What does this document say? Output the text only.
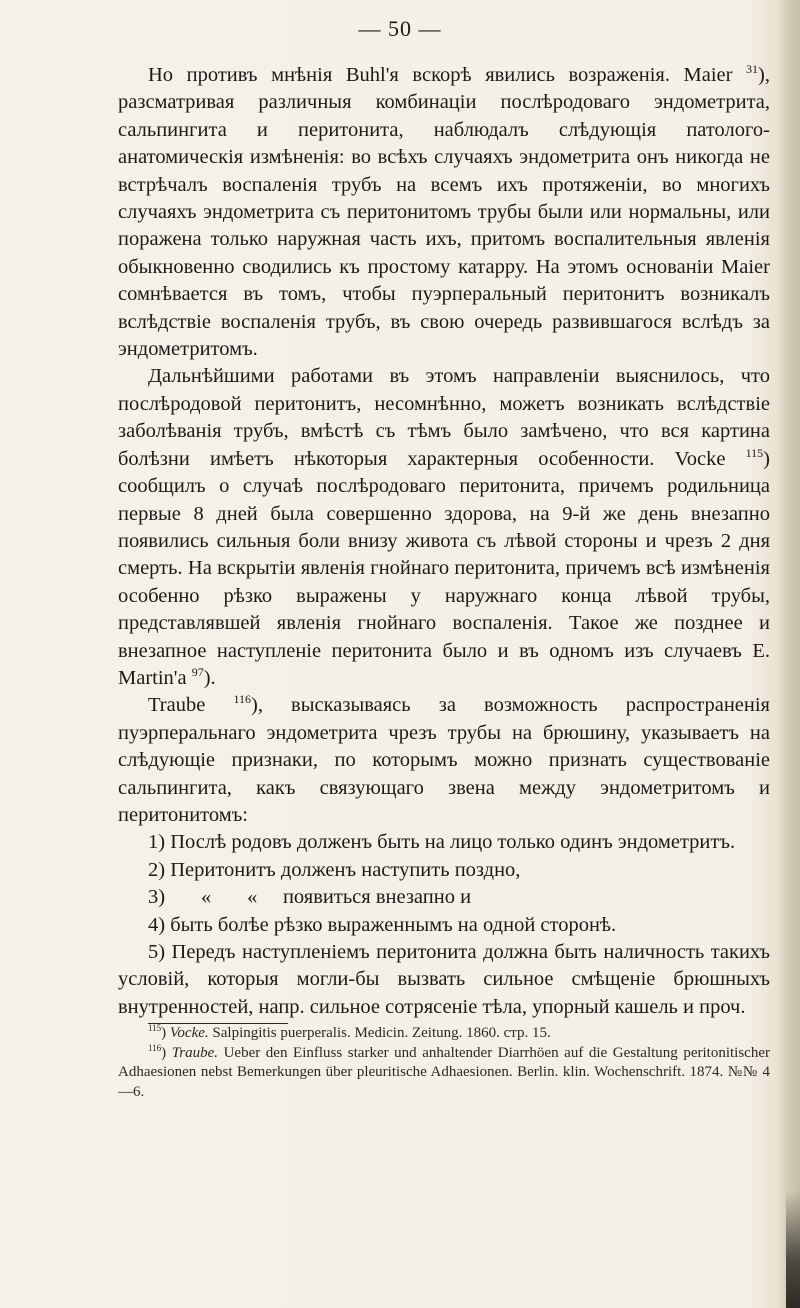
— 50 —

Но противъ мнѣнія Buhl'я вскорѣ явились возраженія. Maier $^{31}$), разсматривая различныя комбинаціи послѣродоваго эндометрита, сальпингита и перитонита, наблюдалъ слѣдующія патолого-анатомическія измѣненія: во всѣхъ случаяхъ эндометрита онъ никогда не встрѣчалъ воспаленія трубъ на всемъ ихъ протяженіи, во многихъ случаяхъ эндометрита съ перитонитомъ трубы были или нормальны, или поражена только наружная часть ихъ, притомъ воспалительныя явленія обыкновенно сводились къ простому катарру. На этомъ основаніи Maier сомнѣвается въ томъ, чтобы пуэрперальный перитонитъ возникалъ вслѣдствіе воспаленія трубъ, въ свою очередь развившагося вслѣдъ за эндометритомъ.

Дальнѣйшими работами въ этомъ направленіи выяснилось, что послѣродовой перитонитъ, несомнѣнно, можетъ возникать вслѣдствіе заболѣванія трубъ, вмѣстѣ съ тѣмъ было замѣчено, что вся картина болѣзни имѣетъ нѣкоторыя характерныя особенности. Vocke $^{115}$) сообщилъ о случаѣ послѣродоваго перитонита, причемъ родильница первые 8 дней была совершенно здорова, на 9-й же день внезапно появились сильныя боли внизу живота съ лѣвой стороны и чрезъ 2 дня смерть. На вскрытіи явленія гнойнаго перитонита, причемъ всѣ измѣненія особенно рѣзко выражены у наружнаго конца лѣвой трубы, представлявшей явленія гнойнаго воспаленія. Такое же позднее и внезапное наступленіе перитонита было и въ одномъ изъ случаевъ E. Martin'а $^{97}$).

Traube $^{116}$), высказываясь за возможность распространенія пуэрперальнаго эндометрита чрезъ трубы на брюшину, указываетъ на слѣдующіе признаки, по которымъ можно признать существованіе сальпингита, какъ связующаго звена между эндометритомъ и перитонитомъ:

1) Послѣ родовъ долженъ быть на лицо только одинъ эндометритъ.

2) Перитонитъ долженъ наступить поздно,

3)       «       «     появиться внезапно и

4) быть болѣе рѣзко выраженнымъ на одной сторонѣ.

5) Передъ наступленіемъ перитонита должна быть наличность такихъ условій, которыя могли-бы вызвать сильное смѣщеніе брюшныхъ внутренностей, напр. сильное сотрясеніе тѣла, упорный кашель и проч.

$^{115}$) Vocke. Salpingitis puerperalis. Medicin. Zeitung. 1860. стр. 15.

$^{116}$) Traube. Ueber den Einfluss starker und anhaltender Diarrhöen auf die Gestaltung peritonitischer Adhaesionen nebst Bemerkungen über pleuritische Adhaesionen. Berlin. klin. Wochenschrift. 1874. №№ 4—6.
